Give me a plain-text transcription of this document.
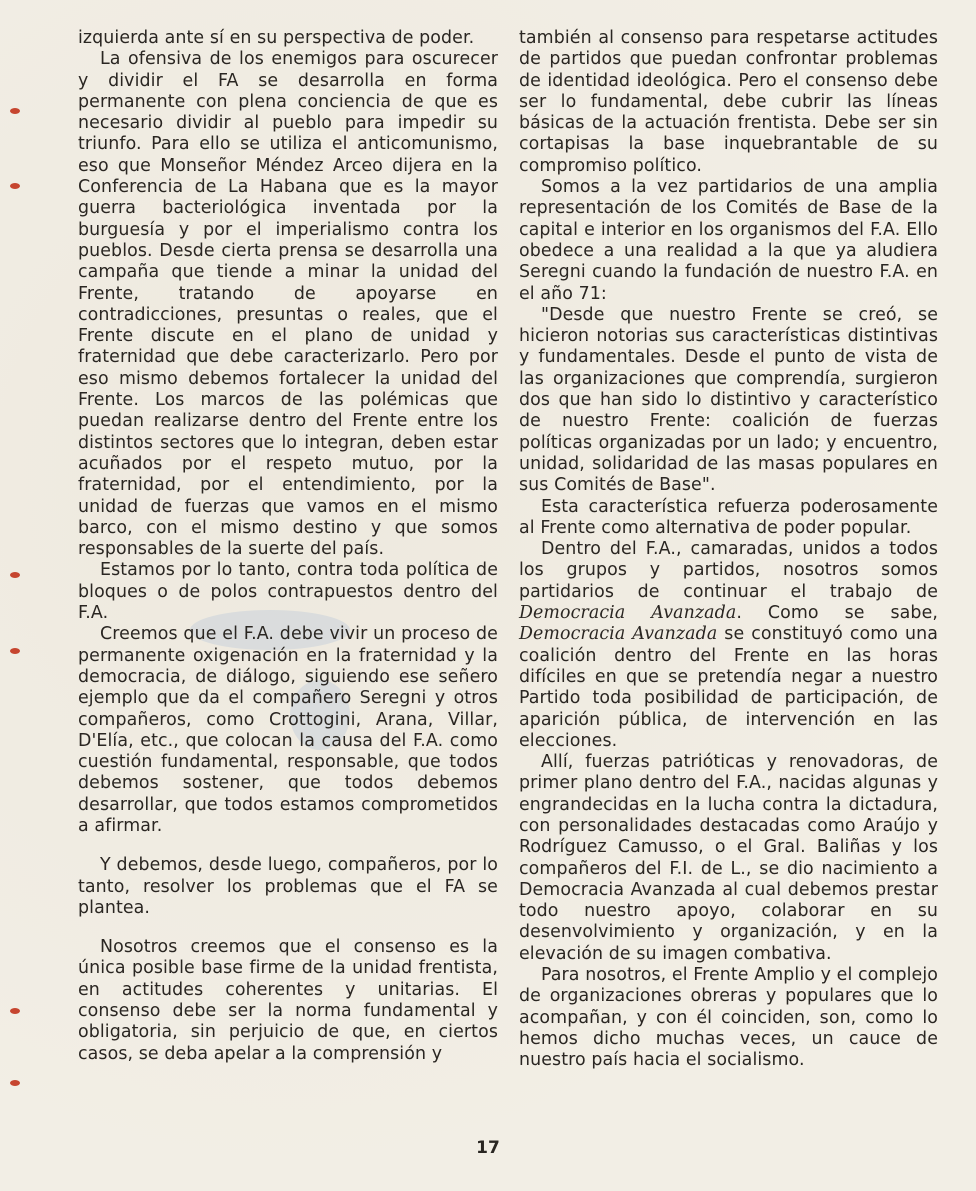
izquierda ante sí en su perspectiva de poder.

La ofensiva de los enemigos para oscurecer y dividir el FA se desarrolla en forma permanente con plena conciencia de que es necesario dividir al pueblo para impedir su triunfo. Para ello se utiliza el anticomunismo, eso que Monseñor Méndez Arceo dijera en la Conferencia de La Habana que es la mayor guerra bacteriológica inventada por la burguesía y por el imperialismo contra los pueblos. Desde cierta prensa se desarrolla una campaña que tiende a minar la unidad del Frente, tratando de apoyarse en contradicciones, presuntas o reales, que el Frente discute en el plano de unidad y fraternidad que debe caracterizarlo. Pero por eso mismo debemos fortalecer la unidad del Frente. Los marcos de las polémicas que puedan realizarse dentro del Frente entre los distintos sectores que lo integran, deben estar acuñados por el respeto mutuo, por la fraternidad, por el entendimiento, por la unidad de fuerzas que vamos en el mismo barco, con el mismo destino y que somos responsables de la suerte del país.

Estamos por lo tanto, contra toda política de bloques o de polos contrapuestos dentro del F.A.

Creemos que el F.A. debe vivir un proceso de permanente oxigenación en la fraternidad y la democracia, de diálogo, siguiendo ese señero ejemplo que da el compañero Seregni y otros compañeros, como Crottogini, Arana, Villar, D'Elía, etc., que colocan la causa del F.A. como cuestión fundamental, responsable, que todos debemos sostener, que todos debemos desarrollar, que todos estamos comprometidos a afirmar.

Y debemos, desde luego, compañeros, por lo tanto, resolver los problemas que el FA se plantea.

Nosotros creemos que el consenso es la única posible base firme de la unidad frentista, en actitudes coherentes y unitarias. El consenso debe ser la norma fundamental y obligatoria, sin perjuicio de que, en ciertos casos, se deba apelar a la comprensión y

también al consenso para respetarse actitudes de partidos que puedan confrontar problemas de identidad ideológica. Pero el consenso debe ser lo fundamental, debe cubrir las líneas básicas de la actuación frentista. Debe ser sin cortapisas la base inquebrantable de su compromiso político.

Somos a la vez partidarios de una amplia representación de los Comités de Base de la capital e interior en los organismos del F.A. Ello obedece a una realidad a la que ya aludiera Seregni cuando la fundación de nuestro F.A. en el año 71:

"Desde que nuestro Frente se creó, se hicieron notorias sus características distintivas y fundamentales. Desde el punto de vista de las organizaciones que comprendía, surgieron dos que han sido lo distintivo y característico de nuestro Frente: coalición de fuerzas políticas organizadas por un lado; y encuentro, unidad, solidaridad de las masas populares en sus Comités de Base".

Esta característica refuerza poderosamente al Frente como alternativa de poder popular.

Dentro del F.A., camaradas, unidos a todos los grupos y partidos, nosotros somos partidarios de continuar el trabajo de Democracia Avanzada. Como se sabe, Democracia Avanzada se constituyó como una coalición dentro del Frente en las horas difíciles en que se pretendía negar a nuestro Partido toda posibilidad de participación, de aparición pública, de intervención en las elecciones.

Allí, fuerzas patrióticas y renovadoras, de primer plano dentro del F.A., nacidas algunas y engrandecidas en la lucha contra la dictadura, con personalidades destacadas como Araújo y Rodríguez Camusso, o el Gral. Baliñas y los compañeros del F.I. de L., se dio nacimiento a Democracia Avanzada al cual debemos prestar todo nuestro apoyo, colaborar en su desenvolvimiento y organización, y en la elevación de su imagen combativa.

Para nosotros, el Frente Amplio y el complejo de organizaciones obreras y populares que lo acompañan, y con él coinciden, son, como lo hemos dicho muchas veces, un cauce de nuestro país hacia el socialismo.

17
